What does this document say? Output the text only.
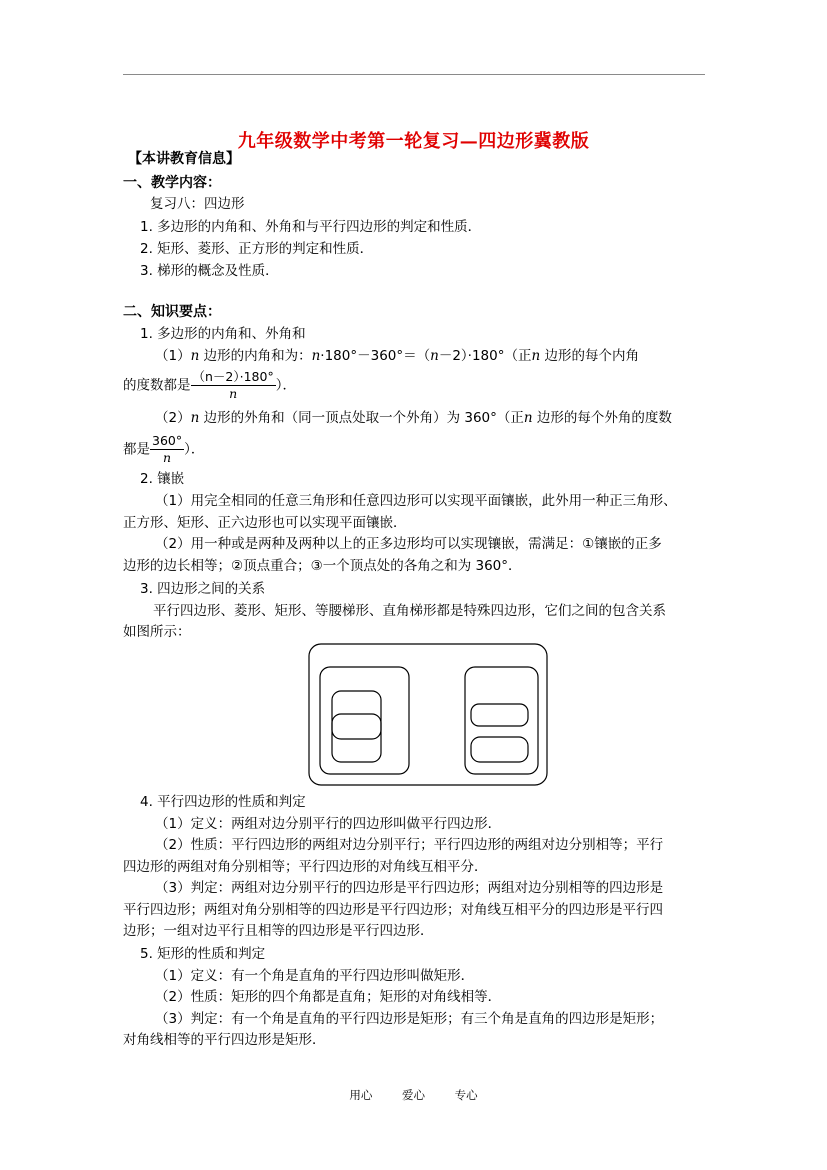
九年级数学中考第一轮复习—四边形冀教版
【本讲教育信息】
一、教学内容：
复习八：四边形
1. 多边形的内角和、外角和与平行四边形的判定和性质．
2. 矩形、菱形、正方形的判定和性质．
3. 梯形的概念及性质．
二、知识要点：
1. 多边形的内角和、外角和
（1）n 边形的内角和为：n·180°－360°＝（n－2）·180°（正n 边形的每个内角
的度数都是 $\frac{(n-2)\cdot 180^\circ}{n}$ ）．
（2）n 边形的外角和（同一顶点处取一个外角）为 360°（正n 边形的每个外角的度数
都是 $\frac{360^\circ}{n}$ ）．
2. 镶嵌
（1）用完全相同的任意三角形和任意四边形可以实现平面镶嵌，此外用一种正三角形、
正方形、矩形、正六边形也可以实现平面镶嵌．
（2）用一种或是两种及两种以上的正多边形均可以实现镶嵌，需满足：①镶嵌的正多
边形的边长相等；②顶点重合；③一个顶点处的各角之和为 360°．
3. 四边形之间的关系
平行四边形、菱形、矩形、等腰梯形、直角梯形都是特殊四边形，它们之间的包含关系
如图所示：
4. 平行四边形的性质和判定
（1）定义：两组对边分别平行的四边形叫做平行四边形．
（2）性质：平行四边形的两组对边分别平行；平行四边形的两组对边分别相等；平行
四边形的两组对角分别相等；平行四边形的对角线互相平分．
（3）判定：两组对边分别平行的四边形是平行四边形；两组对边分别相等的四边形是
平行四边形；两组对角分别相等的四边形是平行四边形；对角线互相平分的四边形是平行四
边形；一组对边平行且相等的四边形是平行四边形．
5. 矩形的性质和判定
（1）定义：有一个角是直角的平行四边形叫做矩形．
（2）性质：矩形的四个角都是直角；矩形的对角线相等．
（3）判定：有一个角是直角的平行四边形是矩形；有三个角是直角的四边形是矩形；
对角线相等的平行四边形是矩形．
用心	爱心	专心
